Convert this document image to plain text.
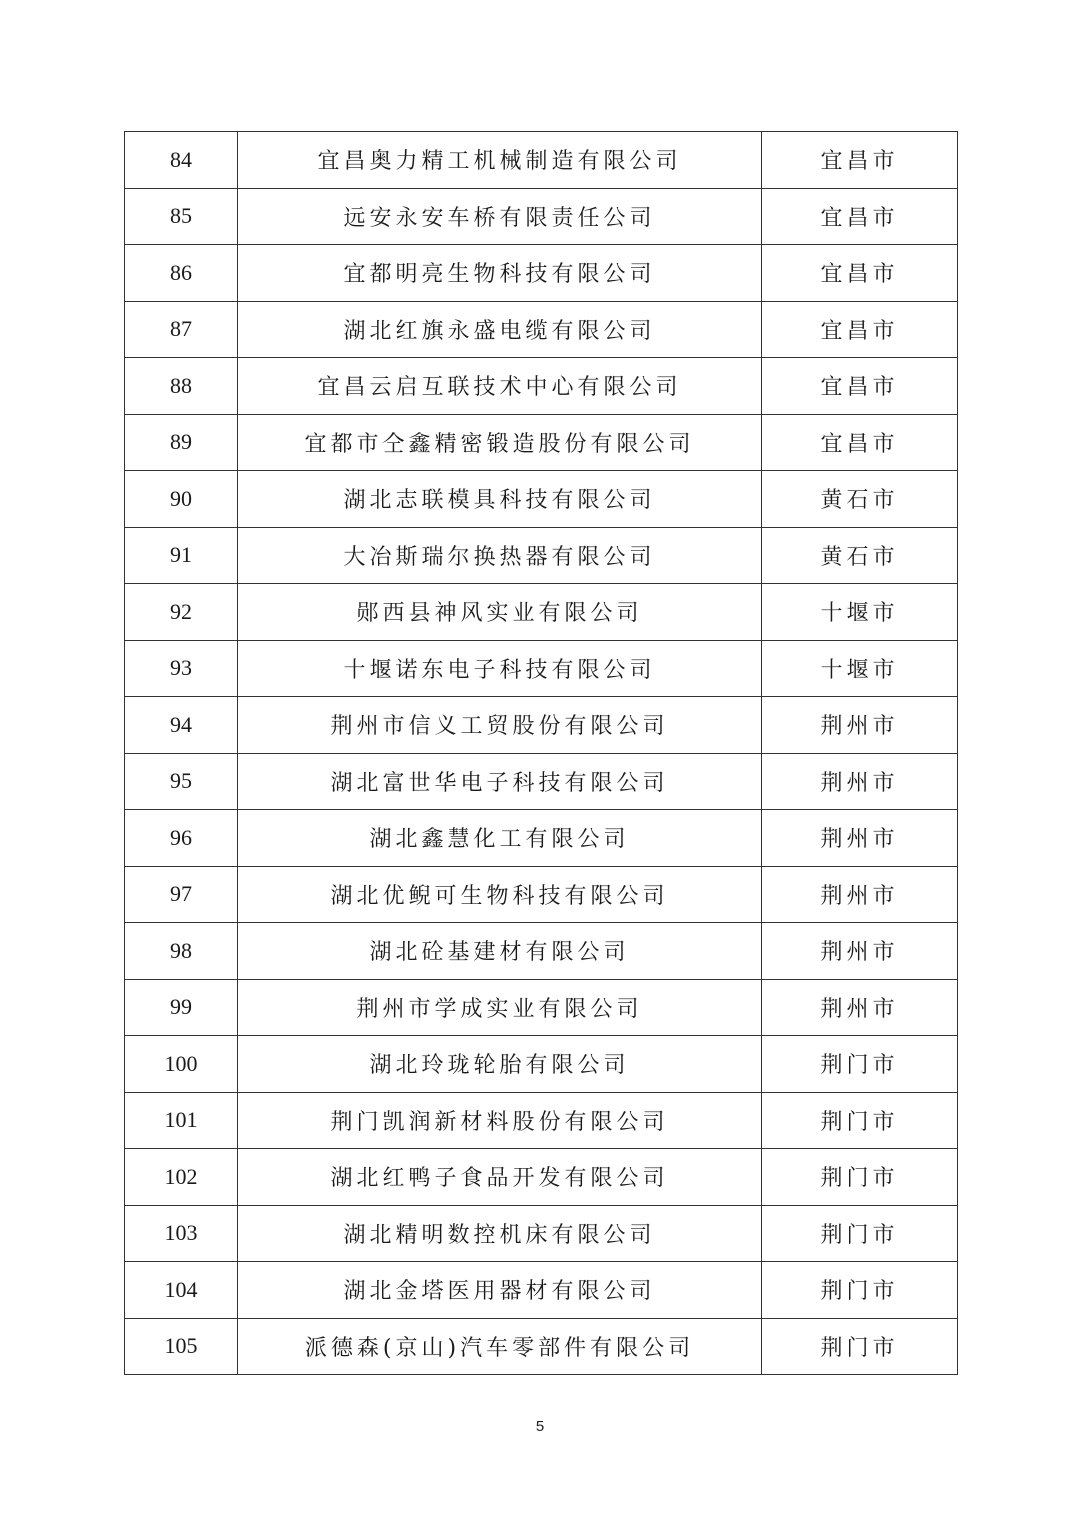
84	宜昌奥力精工机械制造有限公司	宜昌市
85	远安永安车桥有限责任公司	宜昌市
86	宜都明亮生物科技有限公司	宜昌市
87	湖北红旗永盛电缆有限公司	宜昌市
88	宜昌云启互联技术中心有限公司	宜昌市
89	宜都市仝鑫精密锻造股份有限公司	宜昌市
90	湖北志联模具科技有限公司	黄石市
91	大冶斯瑞尔换热器有限公司	黄石市
92	郧西县神风实业有限公司	十堰市
93	十堰诺东电子科技有限公司	十堰市
94	荆州市信义工贸股份有限公司	荆州市
95	湖北富世华电子科技有限公司	荆州市
96	湖北鑫慧化工有限公司	荆州市
97	湖北优鲵可生物科技有限公司	荆州市
98	湖北砼基建材有限公司	荆州市
99	荆州市学成实业有限公司	荆州市
100	湖北玲珑轮胎有限公司	荆门市
101	荆门凯润新材料股份有限公司	荆门市
102	湖北红鸭子食品开发有限公司	荆门市
103	湖北精明数控机床有限公司	荆门市
104	湖北金塔医用器材有限公司	荆门市
105	派德森(京山)汽车零部件有限公司	荆门市
5
